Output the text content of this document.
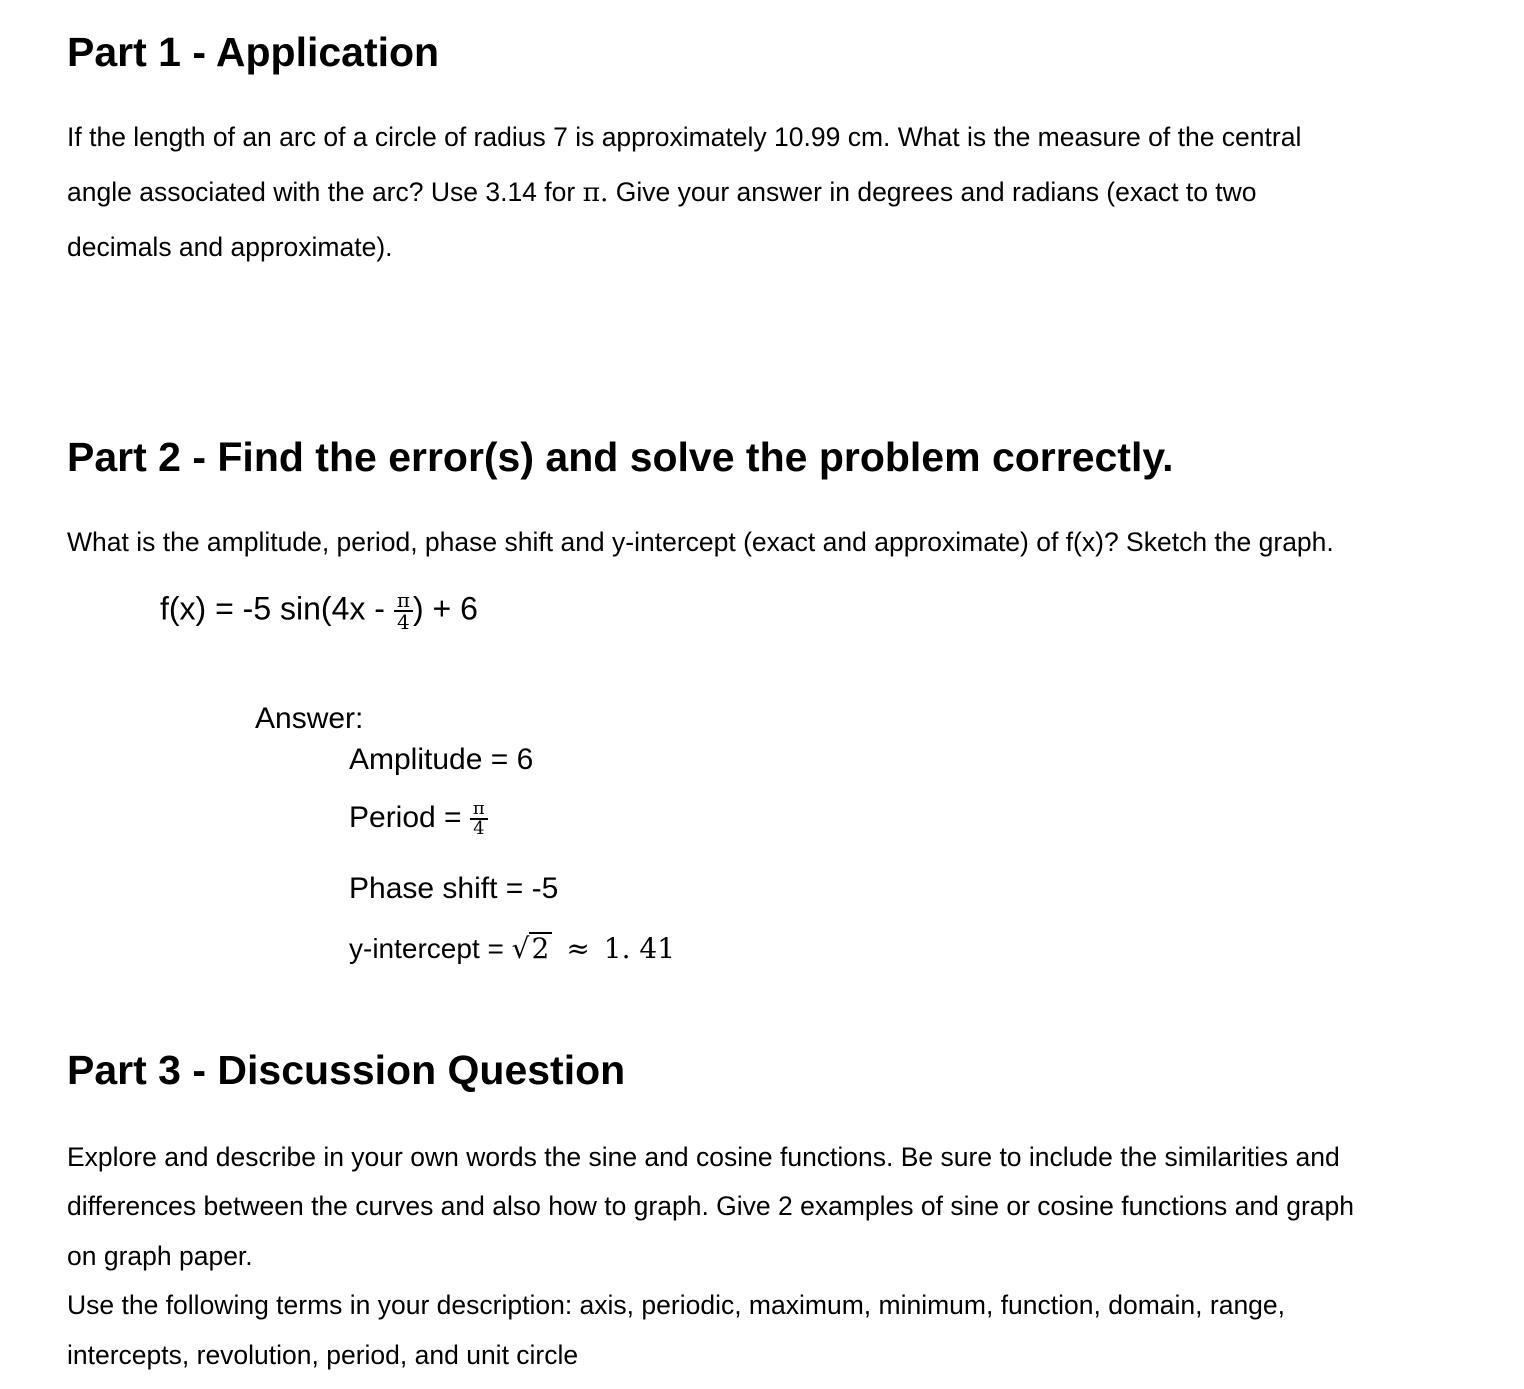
Part 1 - Application
If the length of an arc of a circle of radius 7 is approximately 10.99 cm. What is the measure of the central
angle associated with the arc? Use 3.14 for π. Give your answer in degrees and radians (exact to two
decimals and approximate).
Part 2 - Find the error(s) and solve the problem correctly.
What is the amplitude, period, phase shift and y-intercept (exact and approximate) of f(x)? Sketch the graph.
f(x) = -5 $\sin(4x - \frac{\pi}{4}$ ) + 6
Answer:
Amplitude = 6
Period = $\frac{\pi}{4}$
Phase shift = -5
y-intercept = √2 ≈ 1. 41
Part 3 - Discussion Question
Explore and describe in your own words the sine and cosine functions. Be sure to include the similarities and
differences between the curves and also how to graph. Give 2 examples of sine or cosine functions and graph
on graph paper.
Use the following terms in your description: axis, periodic, maximum, minimum, function, domain, range,
intercepts, revolution, period, and unit circle
